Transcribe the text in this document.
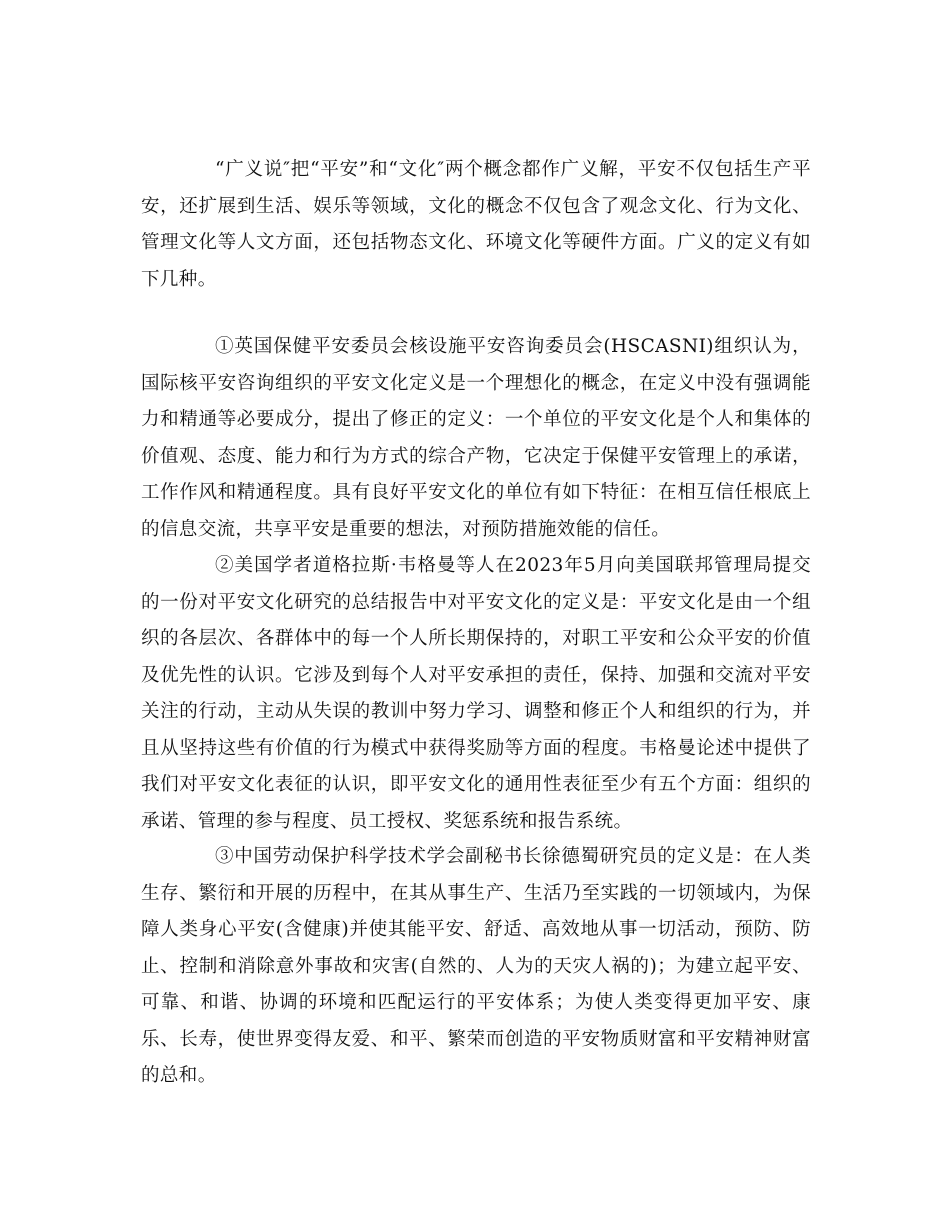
“广义说″把“平安”和“文化″两个概念都作广义解，平安不仅包括生产平安，还扩展到生活、娱乐等领域，文化的概念不仅包含了观念文化、行为文化、管理文化等人文方面，还包括物态文化、环境文化等硬件方面。广义的定义有如下几种。

①英国保健平安委员会核设施平安咨询委员会(HSCASNI)组织认为，国际核平安咨询组织的平安文化定义是一个理想化的概念，在定义中没有强调能力和精通等必要成分，提出了修正的定义：一个单位的平安文化是个人和集体的价值观、态度、能力和行为方式的综合产物，它决定于保健平安管理上的承诺，工作作风和精通程度。具有良好平安文化的单位有如下特征：在相互信任根底上的信息交流，共享平安是重要的想法，对预防措施效能的信任。

②美国学者道格拉斯·韦格曼等人在2023年5月向美国联邦管理局提交的一份对平安文化研究的总结报告中对平安文化的定义是：平安文化是由一个组织的各层次、各群体中的每一个人所长期保持的，对职工平安和公众平安的价值及优先性的认识。它涉及到每个人对平安承担的责任，保持、加强和交流对平安关注的行动，主动从失误的教训中努力学习、调整和修正个人和组织的行为，并且从坚持这些有价值的行为模式中获得奖励等方面的程度。韦格曼论述中提供了我们对平安文化表征的认识，即平安文化的通用性表征至少有五个方面：组织的承诺、管理的参与程度、员工授权、奖惩系统和报告系统。

③中国劳动保护科学技术学会副秘书长徐德蜀研究员的定义是：在人类生存、繁衍和开展的历程中，在其从事生产、生活乃至实践的一切领域内，为保障人类身心平安(含健康)并使其能平安、舒适、高效地从事一切活动，预防、防止、控制和消除意外事故和灾害(自然的、人为的天灾人祸的)；为建立起平安、可靠、和谐、协调的环境和匹配运行的平安体系；为使人类变得更加平安、康乐、长寿，使世界变得友爱、和平、繁荣而创造的平安物质财富和平安精神财富的总和。
